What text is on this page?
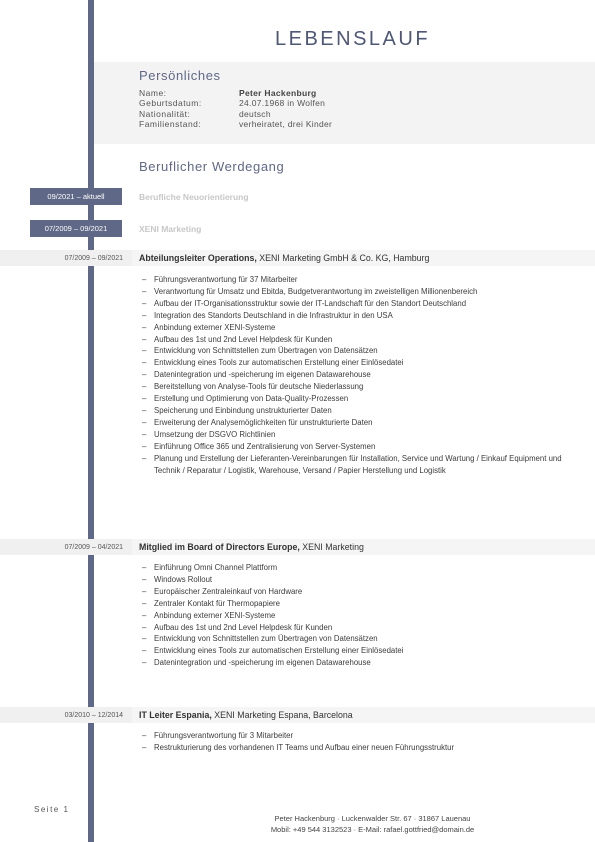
LEBENSLAUF
Persönliches
Name:	Peter Hackenburg
Geburtsdatum:	24.07.1968 in Wolfen
Nationalität:	deutsch
Familienstand:	verheiratet, drei Kinder
Beruflicher Werdegang
09/2021 – aktuell	Berufliche Neuorientierung
07/2009 – 09/2021	XENI Marketing
07/2009 – 09/2021	Abteilungsleiter Operations, XENI Marketing GmbH & Co. KG, Hamburg
– Führungsverantwortung für 37 Mitarbeiter
– Verantwortung für Umsatz und Ebitda, Budgetverantwortung im zweistelligen Millionenbereich
– Aufbau der IT-Organisationsstruktur sowie der IT-Landschaft für den Standort Deutschland
– Integration des Standorts Deutschland in die Infrastruktur in den USA
– Anbindung externer XENI-Systeme
– Aufbau des 1st und 2nd Level Helpdesk für Kunden
– Entwicklung von Schnittstellen zum Übertragen von Datensätzen
– Entwicklung eines Tools zur automatischen Erstellung einer Einlösedatei
– Datenintegration und -speicherung im eigenen Datawarehouse
– Bereitstellung von Analyse-Tools für deutsche Niederlassung
– Erstellung und Optimierung von Data-Quality-Prozessen
– Speicherung und Einbindung unstrukturierter Daten
– Erweiterung der Analysemöglichkeiten für unstrukturierte Daten
– Umsetzung der DSGVO Richtlinien
– Einführung Office 365 und Zentralisierung von Server-Systemen
– Planung und Erstellung der Lieferanten-Vereinbarungen für Installation, Service und Wartung / Einkauf Equipment und Technik / Reparatur / Logistik, Warehouse, Versand / Papier Herstellung und Logistik
07/2009 – 04/2021	Mitglied im Board of Directors Europe, XENI Marketing
– Einführung Omni Channel Plattform
– Windows Rollout
– Europäischer Zentraleinkauf von Hardware
– Zentraler Kontakt für Thermopapiere
– Anbindung externer XENI-Systeme
– Aufbau des 1st und 2nd Level Helpdesk für Kunden
– Entwicklung von Schnittstellen zum Übertragen von Datensätzen
– Entwicklung eines Tools zur automatischen Erstellung einer Einlösedatei
– Datenintegration und -speicherung im eigenen Datawarehouse
03/2010 – 12/2014	IT Leiter Espania, XENI Marketing Espana, Barcelona
– Führungsverantwortung für 3 Mitarbeiter
– Restrukturierung des vorhandenen IT Teams und Aufbau einer neuen Führungsstruktur
Seite 1
Peter Hackenburg · Luckenwalder Str. 67 · 31867 Lauenau
Mobil: +49 544 3132523 · E-Mail: rafael.gottfried@domain.de
